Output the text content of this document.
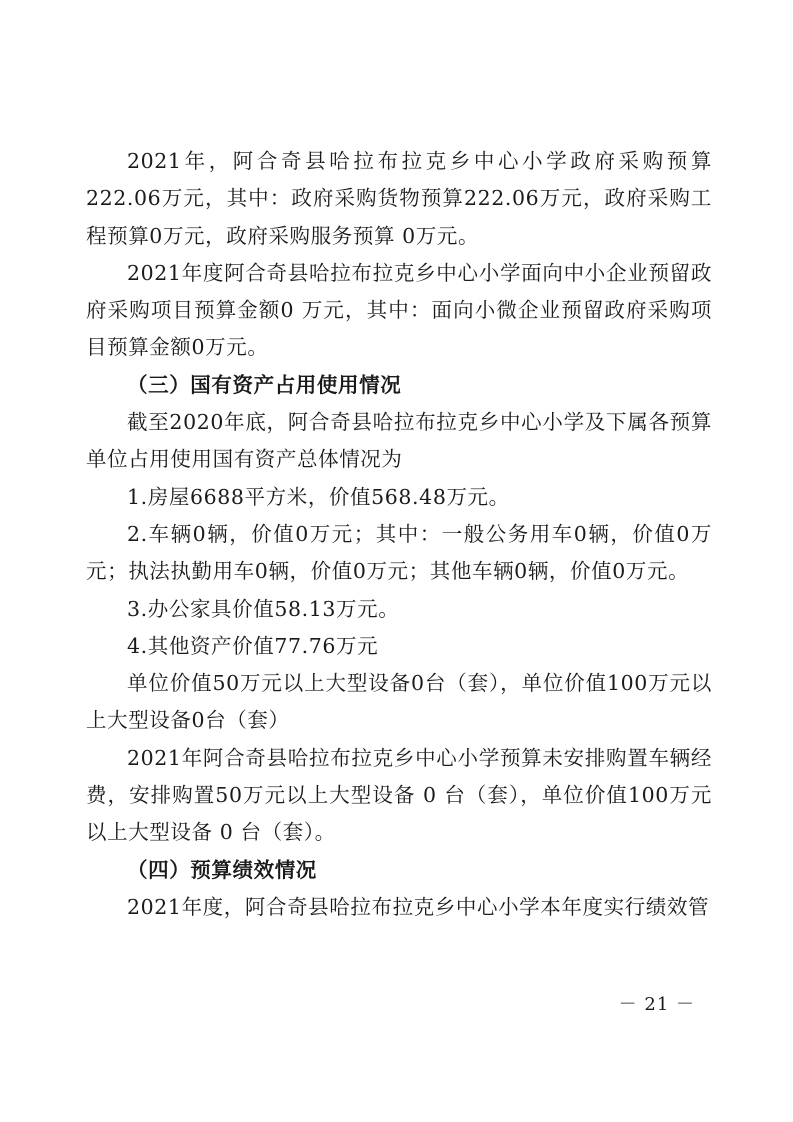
2021年，阿合奇县哈拉布拉克乡中心小学政府采购预算222.06万元，其中：政府采购货物预算222.06万元，政府采购工程预算0万元，政府采购服务预算 0万元。

2021年度阿合奇县哈拉布拉克乡中心小学面向中小企业预留政府采购项目预算金额0 万元，其中：面向小微企业预留政府采购项目预算金额0万元。

（三）国有资产占用使用情况

截至2020年底，阿合奇县哈拉布拉克乡中心小学及下属各预算单位占用使用国有资产总体情况为

1.房屋6688平方米，价值568.48万元。

2.车辆0辆，价值0万元；其中：一般公务用车0辆，价值0万元；执法执勤用车0辆，价值0万元；其他车辆0辆，价值0万元。

3.办公家具价值58.13万元。

4.其他资产价值77.76万元

单位价值50万元以上大型设备0台（套），单位价值100万元以上大型设备0台（套）

2021年阿合奇县哈拉布拉克乡中心小学预算未安排购置车辆经费，安排购置50万元以上大型设备 0 台（套），单位价值100万元以上大型设备 0 台（套）。

（四）预算绩效情况

2021年度，阿合奇县哈拉布拉克乡中心小学本年度实行绩效管

－ 21 －
